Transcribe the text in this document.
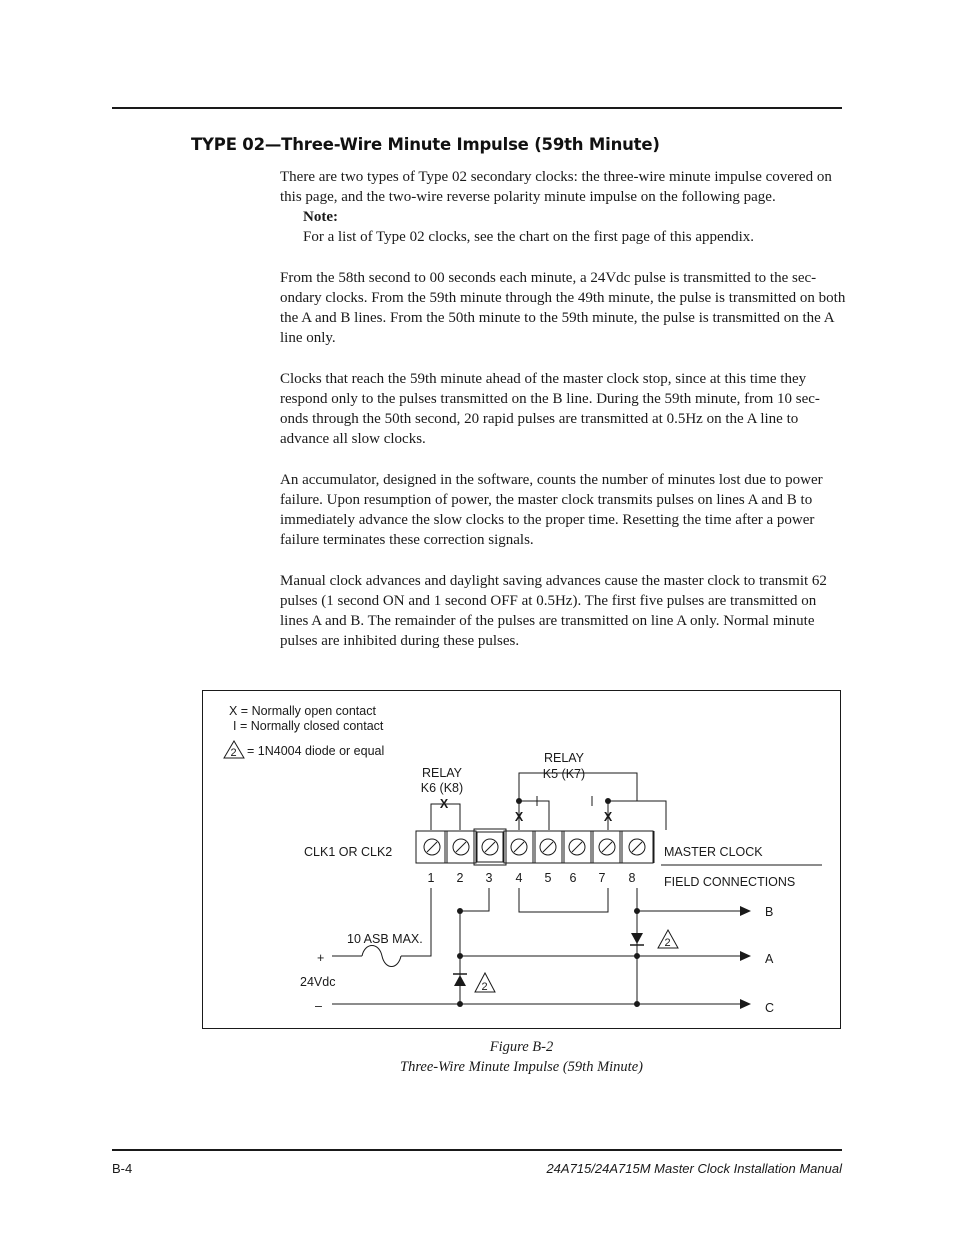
TYPE 02—Three-Wire Minute Impulse (59th Minute)

There are two types of Type 02 secondary clocks: the three-wire minute impulse covered on this page, and the two-wire reverse polarity minute impulse on the following page.

Note:
For a list of Type 02 clocks, see the chart on the first page of this appendix.

From the 58th second to 00 seconds each minute, a 24Vdc pulse is transmitted to the sec-ondary clocks. From the 59th minute through the 49th minute, the pulse is transmitted on both the A and B lines. From the 50th minute to the 59th minute, the pulse is transmitted on the A line only.

Clocks that reach the 59th minute ahead of the master clock stop, since at this time they respond only to the pulses transmitted on the B line. During the 59th minute, from 10 sec-onds through the 50th second, 20 rapid pulses are transmitted at 0.5Hz on the A line to advance all slow clocks.

An accumulator, designed in the software, counts the number of minutes lost due to power failure. Upon resumption of power, the master clock transmits pulses on lines A and B to immediately advance the slow clocks to the proper time. Resetting the time after a power failure terminates these correction signals.

Manual clock advances and daylight saving advances cause the master clock to transmit 62 pulses (1 second ON and 1 second OFF at 0.5Hz). The first five pulses are transmitted on lines A and B. The remainder of the pulses are transmitted on line A only. Normal minute pulses are inhibited during these pulses.

X = Normally open contact
I = Normally closed contact
2 = 1N4004 diode or equal
RELAY
K6 (K8)
RELAY
K5 (K7)
X
X	X
CLK1 OR CLK2	MASTER CLOCK
FIELD CONNECTIONS
1 2 3 4 5 6 7 8
2
2
B
A
C
10 ASB MAX.
+
24Vdc
–
Figure B-2
Three-Wire Minute Impulse (59th Minute)
B-4	24A715/24A715M Master Clock Installation Manual
